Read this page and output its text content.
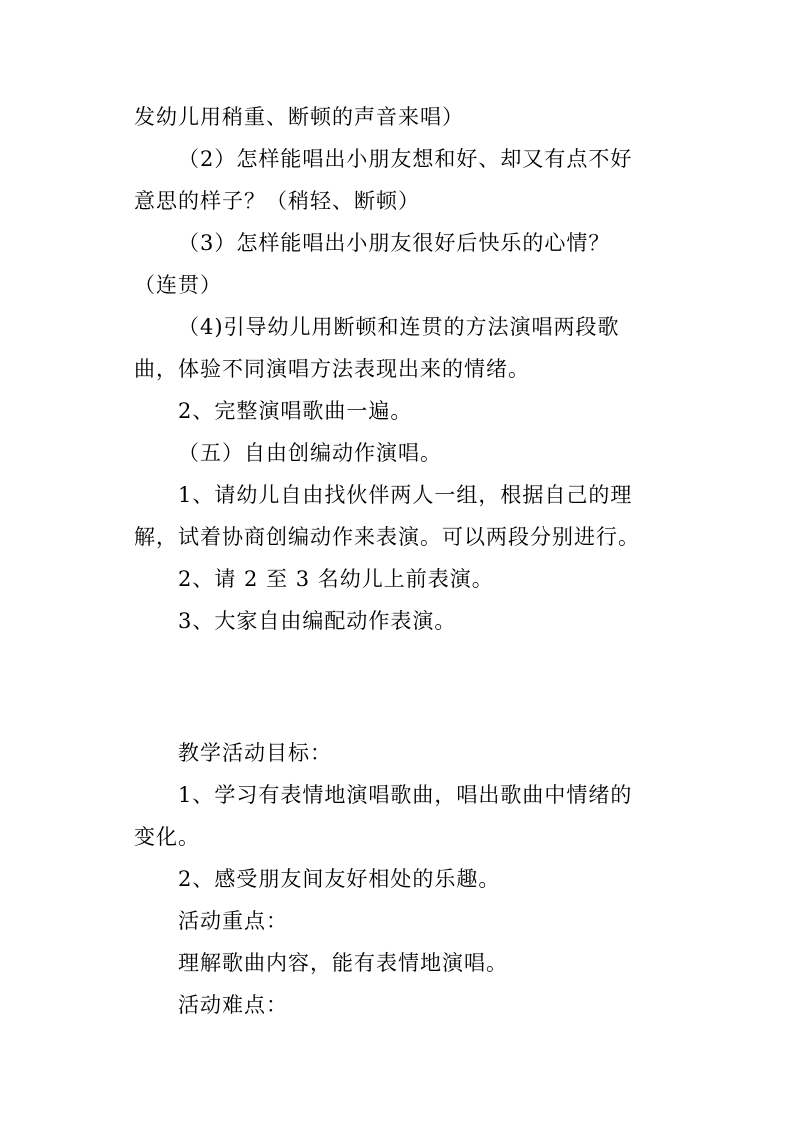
发幼儿用稍重、断顿的声音来唱）
（2）怎样能唱出小朋友想和好、却又有点不好
意思的样子？（稍轻、断顿）
（3）怎样能唱出小朋友很好后快乐的心情？
（连贯）
（4)引导幼儿用断顿和连贯的方法演唱两段歌
曲，体验不同演唱方法表现出来的情绪。
2、完整演唱歌曲一遍。
（五）自由创编动作演唱。
1、请幼儿自由找伙伴两人一组，根据自己的理
解，试着协商创编动作来表演。可以两段分别进行。
2、请 2 至 3 名幼儿上前表演。
3、大家自由编配动作表演。
教学活动目标：
1、学习有表情地演唱歌曲，唱出歌曲中情绪的
变化。
2、感受朋友间友好相处的乐趣。
活动重点：
理解歌曲内容，能有表情地演唱。
活动难点：
